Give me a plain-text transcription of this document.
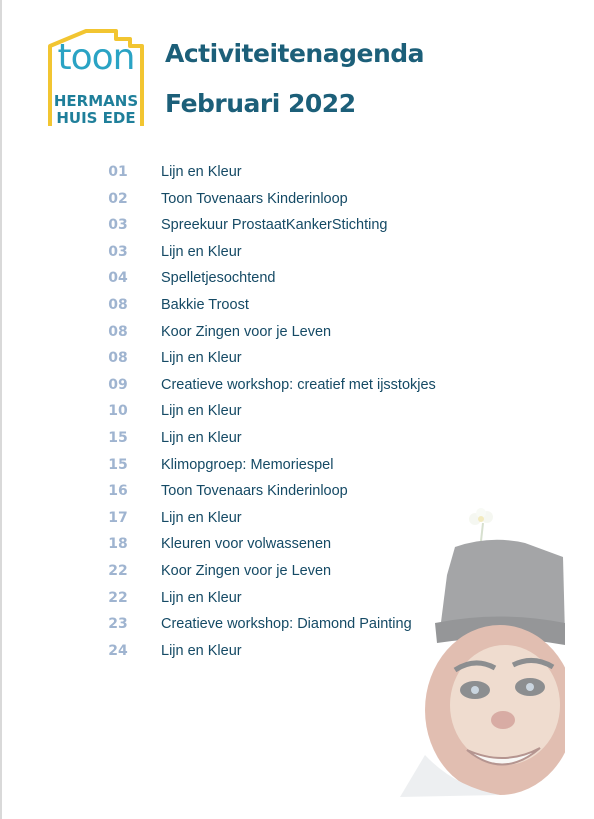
toon
HERMANS
HUIS EDE
Activiteitenagenda
Februari 2022
01	Lijn en Kleur
02	Toon Tovenaars Kinderinloop
03	Spreekuur ProstaatKankerStichting
03	Lijn en Kleur
04	Spelletjesochtend
08	Bakkie Troost
08	Koor Zingen voor je Leven
08	Lijn en Kleur
09	Creatieve workshop: creatief met ijsstokjes
10	Lijn en Kleur
15	Lijn en Kleur
15	Klimopgroep: Memoriespel
16	Toon Tovenaars Kinderinloop
17	Lijn en Kleur
18	Kleuren voor volwassenen
22	Koor Zingen voor je Leven
22	Lijn en Kleur
23	Creatieve workshop: Diamond Painting
24	Lijn en Kleur
